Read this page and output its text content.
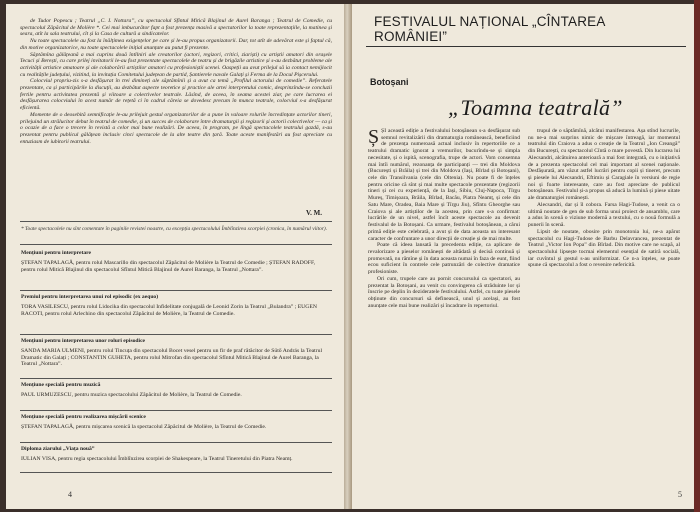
de Tudor Popescu ; Teatrul „C. I. Nottara”, cu spectacolul Sfîntul Mitică Blajinul de Aurel Baranga ; Teatrul de Comedie, cu spectacolul Zăpăcitul de Molière *. Cei mai imbucurător fapt a fost prezența masivă a spectatorilor la toate reprezentațiile, la matinea și seara, atît la sala teatrului, cît și la Casa de cultură a sindicatelor.

Nu toate spectacolele au fost la înălțimea exigențelor pe care și le-au propus organizatorii. Dar, tot atît de adevărat este și faptul că, din motive organizatorice, nu toate spectacolele inițial anunțate au putut fi prezente.

Săptămîna gălățeană a mai cuprins două întîlniri ale creatorilor (actori, regizori, critici, ziariști) cu artiștii amatori din orașele Tecuci și Berești, cu care prilej invitatorii le-au fost prezentate spectacolele de teatru și de brigăzile artistice și s-au dezbătut probleme ale activității artistice amatoare și ale colaborării artiștilor amatori cu profesioniștii scenei. Oaspeții au avut prilejul să ia contact nemijlocit cu realitățile județului, vizitind, la invitația Comitetului județean de partid, Șantierele navale Galați și Ferma de la Docul Pișcerului.

Colocviul propriu-zis s-a desfășurat în trei dimineți ale săptămînii și a avut ca temă „Profilul actorului de comedie”. Referatele prezentate, ca și participările la discuții, au dezbătut aspecte teoretice și practice ale artei interpretului comic, desprinzîndu-se concluzii fertile pentru activitatea prezentă și viitoare a colectivelor teatrale. Lăsînd, de aceea, în seama acestei ziar, pe care lucrarea ei desfășurarea colocviului în acest număr de rețetă ci în cadrul căreia se dovedesc precum în munca teatrale, colocviul s-a desfășurat eficientă.

Momente de o deosebită semnificație le-au prilejuit gestul organizatorilor de a pune în valoare rolurile încredințate actorilor tineri, prilejuind un strălucitor debut în teatrul de comedie, și un succes de colaborare între dramaturgii și regizorii și actorii colectivelor — ca și o ocazie de a face o trecere în revistă a celor mai bune realizări. De aceea, în program, pe lîngă spectacolele teatrului gazdă, s-au prezentat pentru publicul gălățean inclusiv cinci spectacole de la alte teatre din țară. Toate aceste manifestări au fost apreciate cu entuziasm de iubitorii teatrului.

V. M.
* Toate spectacolele nu sînt comentate în paginile revistei noastre, cu excepția spectacolului Îmblînzirea scorpiei (cronica, în numărul viitor).
Mențiuni pentru interpretare
ȘTEFAN TAPALAGĂ, pentru rolul Mascarillo din spectacolul Zăpăcitul de Molière la Teatrul de Comedie ; ȘTEFAN RADOFF, pentru rolul Mitică Blajinul din spectacolul Sfîntul Mitică Blajinul de Aurel Baranga, la Teatrul „Nottara”.
Premiul pentru interpretarea unui rol episodic (ex aequo)
TORA VASILESCU, pentru rolul Lidocika din spectacolul Infidelitate conjugală de Leonid Zorin la Teatrul „Bulandra” ; EUGEN RACOTI, pentru rolul Arlechino din spectacolul Zăpăcitul de Molière, la Teatrul de Comedie.
Mențiuni pentru interpretarea unor roluri episodice
SANDA MARIA ULMENI, pentru rolul Tincuța din spectacolul Bocet vesel pentru un fir de praf rătăcitor de Sütő András la Teatrul Dramatic din Galați ; CONSTANTIN GUHETA, pentru rolul Mitrofan din spectacolul Sfîntul Mitică Blajinul de Aurel Baranga, la Teatrul „Nottara”.
Mențiune specială pentru muzică
PAUL URMUZESCU, pentru muzica spectacolului Zăpăcitul de Molière, la Teatrul de Comedie.
Mențiune specială pentru realizarea mișcării scenice
ȘTEFAN TAPALAGĂ, pentru mișcarea scenică la spectacolul Zăpăcitul de Molière, la Teatrul de Comedie.
Diploma ziarului „Viața nouă”
IULIAN VISA, pentru regia spectacolului Îmblînzirea scorpiei de Shakespeare, la Teatrul Tineretului din Piatra Neamț.
4
FESTIVALUL NAȚIONAL „CÎNTAREA ROMÂNIEI”
Botoșani
„Toamna teatrală”

ȘȘI această ediție a festivalului botoșănean s-a desfășurat sub semnul revitalizării din dramaturgia românească, beneficiind de prezența numeroasă actual inclusiv în repertoriile ce a teatrului dramatic ignorat a vremurilor, bucurîndu-se și simpla necesitate, și o ispită, scenografia, trupe de actori. Vom consemna mai întîi numărul, rezonanța de participanți — trei din Moldova (București și Brăila) și trei din Moldova (Iași, Bîrlad și Botoșani), cele din Transilvania (cele din Oltenia). Nu poate fi de înțeles pentru oricine că sînt și mai multe spectacole prezentate (regizorii tineri și cei cu experiență, de la Iași, Sibiu, Cluj-Napoca, Tîrgu Mureș, Timișoara, Brăila, Bîrlad, Bacău, Piatra Neamț, și cele din Satu Mare, Oradea, Baia Mare și Tîrgu Jiu), Sfîntu Gheorghe sau Craiova și ale artiștilor de la acestea, prin care s-a confirmat: lucrările de un nivel, astfel încît aceste spectacole au devenit festivalul de la Botoșani. Ca urmare, festivalul botoșănean, a cărui primă ediție este celebrată, a avut și de data aceasta un interesant caracter de confruntare a unor direcții de creație și de mai multe.

Poate că ideea lansată la precedenta ediție, ca aplicare de revalorizare a pieselor românești de altădată și decisă continuă și promovată, nu rămîne și în data aceasta numai în faza de eunt, fiind ecou suficient în contrele cele patrunzări de colective dramatice profesioniste.

Ori cum, trupele care au pornit concursului ca spectatori, au prezentat la Botoșani, au venit cu convingerea că străduinte lor și înscrie pe deplin în dezideratele festivalului. Astfel, cu toate piesele obținute din concursuri să definească, unul și același, au fost anunțate cele mai bune realizări și încadrare în repertoriul.

trupul de o săptămînă, alcătui manifestarea. Așa stînd lucrurile, nu ne-a mai surprins nimic de mișcare întreagă, iar momentul teatrului din Craiova a adus o creație de la Teatrul „Ion Creangă” din București, cu spectacolul Cîntă o mare povestă. Din lucrarea lui Alecsandri, alcătuirea anterioară a mai fost integrată, cu o inițiativă de a prezenta spectacolul cel mai important al scenei naționale. Desfășurată, am văzut astfel lucrări pentru copii și tineret, precum și piesele lui Alecsandri, Eftimiu și Caragiale în versiuni de regie noi și foarte interesante, care au fost apreciate de publicul botoșănean. Festivalul și-a propus să aducă la lumină și piese uitate ale dramaturgiei românești.

Alecsandri, dar și îl cobora. Farsa Hagi-Tudose, a venit ca o ultimă noutate de gen de sub forma unui proiect de ansamblu, care a adus în scenă o viziune modernă a textului, cu o nouă formulă a punerii în scenă.

Lipsit de noutate, obosire prin monotonia lui, ne-a apărut spectacolul cu Hagi-Tudose de Barbu Delavrancea, prezentat de Teatrul „Victor Ion Popa” din Bîrlad. Din motive care ne scapă, al spectacolului lipsește tocmai elementul esențial de satiră socială, iar cuvîntul și gestul s-au uniformizat. Ce n-a înțeles, se poate spune că spectacolul a fost o revenire nefericită.

5
